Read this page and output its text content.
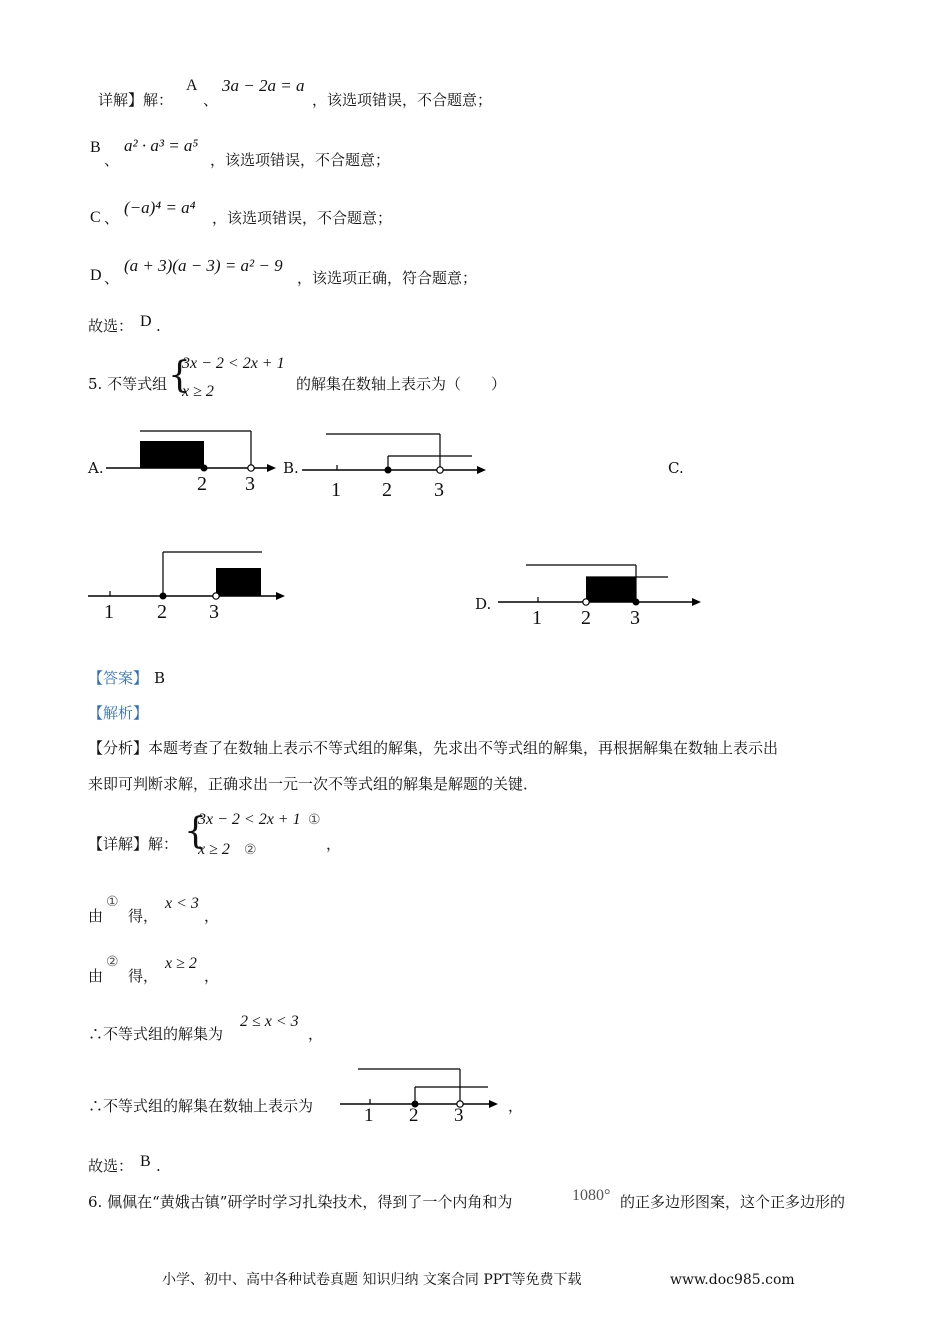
详解】解：
A
、
3a − 2a = a
，该选项错误，不合题意；
B
、
a² · a³ = a⁵
，该选项错误，不合题意；
C 、
(−a)⁴ = a⁴
，该选项错误，不合题意；
D 、
(a + 3)(a − 3) = a² − 9
，该选项正确，符合题意；
故选： D .
5. 不等式组 {
3x − 2 < 2x + 1
x ≥ 2	的解集在数轴上表示为（　　）
A.
2 3
B.
1 2 3
C.
1 2 3	D.
1 2 3
【答案】 B
【解析】
【分析】本题考查了在数轴上表示不等式组的解集，先求出不等式组的解集，再根据解集在数轴上表示出
来即可判断求解，正确求出一元一次不等式组的解集是解题的关键．
【详解】解： {
3x − 2 < 2x + 1 ①
x ≥ 2 ②	，
由
①
得，
x < 3
，
由
②
得，
x ≥ 2
，
∴不等式组的解集为
2 ≤ x < 3
，
∴不等式组的解集在数轴上表示为	1 2 3	，
故选： B .
6. 佩佩在“黄娥古镇”研学时学习扎染技术，得到了一个内角和为	1080° 的正多边形图案，这个正多边形的
小学、初中、高中各种试卷真题 知识归纳 文案合同 PPT等免费下载	www.doc985.com
